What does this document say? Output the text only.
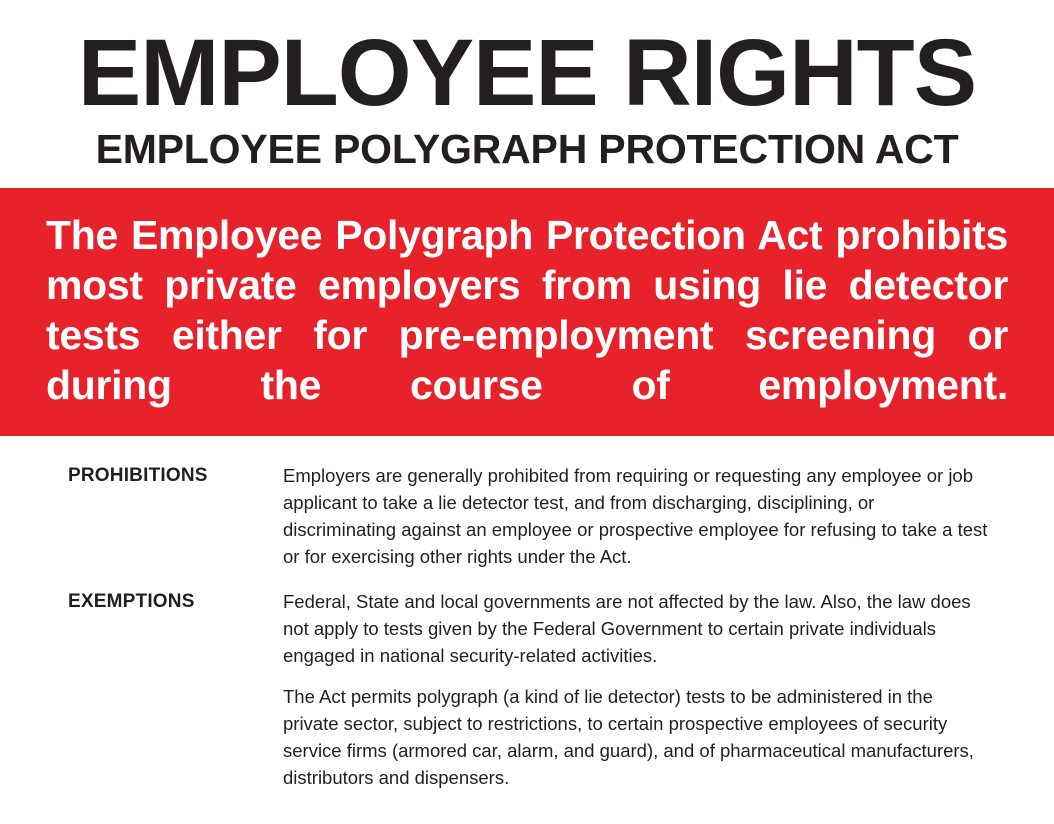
EMPLOYEE RIGHTS
EMPLOYEE POLYGRAPH PROTECTION ACT

The Employee Polygraph Protection Act prohibits most private employers from using lie detector tests either for pre-employment screening or during the course of employment.

PROHIBITIONS	Employers are generally prohibited from requiring or requesting any employee or job applicant to take a lie detector test, and from discharging, disciplining, or discriminating against an employee or prospective employee for refusing to take a test or for exercising other rights under the Act.

EXEMPTIONS	Federal, State and local governments are not affected by the law. Also, the law does not apply to tests given by the Federal Government to certain private individuals engaged in national security-related activities.

The Act permits polygraph (a kind of lie detector) tests to be administered in the private sector, subject to restrictions, to certain prospective employees of security service firms (armored car, alarm, and guard), and of pharmaceutical manufacturers, distributors and dispensers.
